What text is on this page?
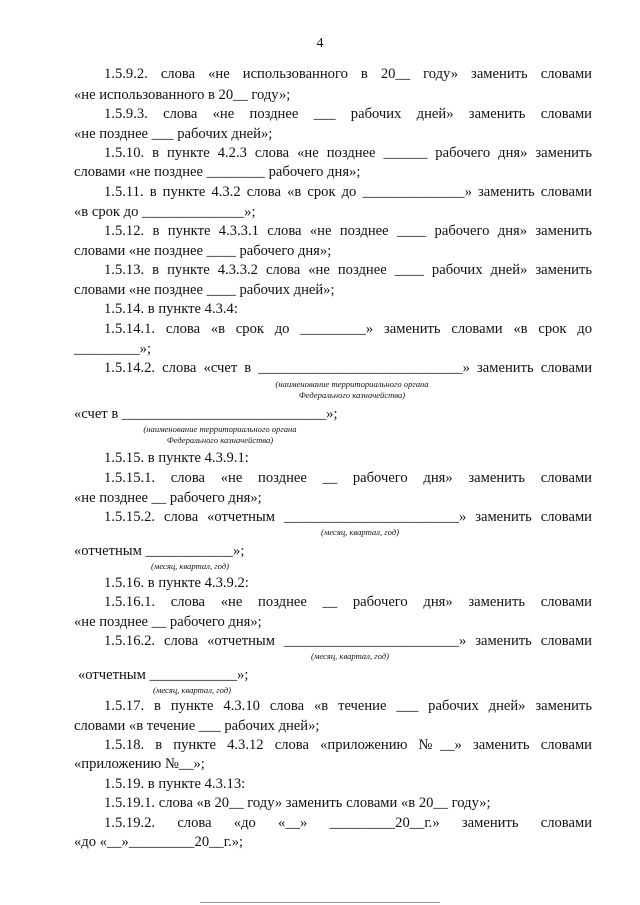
4
1.5.9.2. слова «не использованного в 20__ году» заменить словами
«не использованного в 20__ году»;
1.5.9.3. слова «не позднее ___ рабочих дней» заменить словами
«не позднее ___ рабочих дней»;
1.5.10. в пункте 4.2.3 слова «не позднее ______ рабочего дня» заменить
словами «не позднее ________ рабочего дня»;
1.5.11. в пункте 4.3.2 слова «в срок до ______________» заменить словами
«в срок до ______________»;
1.5.12. в пункте 4.3.3.1 слова «не позднее ____ рабочего дня» заменить
словами «не позднее ____ рабочего дня»;
1.5.13. в пункте 4.3.3.2 слова «не позднее ____ рабочих дней» заменить
словами «не позднее ____ рабочих дней»;
1.5.14. в пункте 4.3.4:
1.5.14.1. слова «в срок до _________» заменить словами «в срок до
_________»;
1.5.14.2. слова «счет в ____________________________» заменить словами
(наименование территориального органа
Федерального казначейства)
«счет в ____________________________»;
(наименование территориального органа
Федерального казначейства)
1.5.15. в пункте 4.3.9.1:
1.5.15.1. слова «не позднее __ рабочего дня» заменить словами
«не позднее __ рабочего дня»;
1.5.15.2. слова «отчетным ________________________» заменить словами
(месяц, квартал, год)
«отчетным ____________»;
(месяц, квартал, год)
1.5.16. в пункте 4.3.9.2:
1.5.16.1. слова «не позднее __ рабочего дня» заменить словами
«не позднее __ рабочего дня»;
1.5.16.2. слова «отчетным ________________________» заменить словами
(месяц, квартал, год)
«отчетным ____________»;
(месяц, квартал, год)
1.5.17. в пункте 4.3.10 слова «в течение ___ рабочих дней» заменить
словами «в течение ___ рабочих дней»;
1.5.18. в пункте 4.3.12 слова «приложению №__» заменить словами
«приложению №__»;
1.5.19. в пункте 4.3.13:
1.5.19.1. слова «в 20__ году» заменить словами «в 20__ году»;
1.5.19.2. слова «до «__» _________20__г.» заменить словами
«до «__»_________20__г.»;
